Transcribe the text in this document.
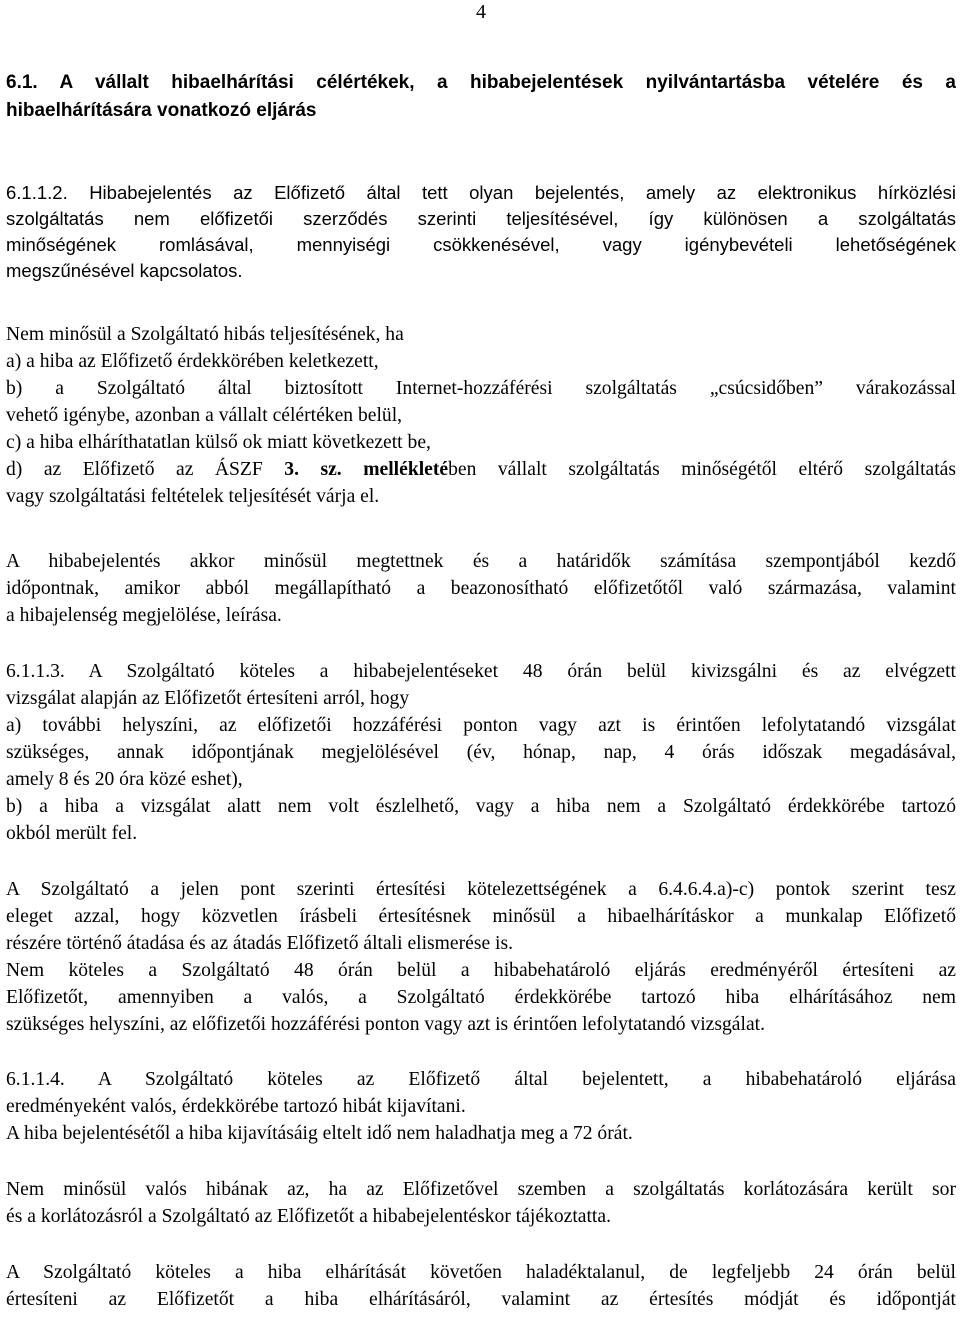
4
6.1. A vállalt hibaelhárítási célértékek, a hibabejelentések nyilvántartásba vételére és a
hibaelhárítására vonatkozó eljárás
6.1.1.2. Hibabejelentés az Előfizető által tett olyan bejelentés, amely az elektronikus hírközlési
szolgáltatás nem előfizetői szerződés szerinti teljesítésével, így különösen a szolgáltatás
minőségének romlásával, mennyiségi csökkenésével, vagy igénybevételi lehetőségének
megszűnésével kapcsolatos.
Nem minősül a Szolgáltató hibás teljesítésének, ha
a) a hiba az Előfizető érdekkörében keletkezett,
b) a Szolgáltató által biztosított Internet-hozzáférési szolgáltatás „csúcsidőben” várakozással
vehető igénybe, azonban a vállalt célértéken belül,
c) a hiba elháríthatatlan külső ok miatt következett be,
d) az Előfizető az ÁSZF 3. sz. mellékletében vállalt szolgáltatás minőségétől eltérő szolgáltatás
vagy szolgáltatási feltételek teljesítését várja el.
A hibabejelentés akkor minősül megtettnek és a határidők számítása szempontjából kezdő
időpontnak, amikor abból megállapítható a beazonosítható előfizetőtől való származása, valamint
a hibajelenség megjelölése, leírása.
6.1.1.3. A Szolgáltató köteles a hibabejelentéseket 48 órán belül kivizsgálni és az elvégzett
vizsgálat alapján az Előfizetőt értesíteni arról, hogy
a) további helyszíni, az előfizetői hozzáférési ponton vagy azt is érintően lefolytatandó vizsgálat
szükséges, annak időpontjának megjelölésével (év, hónap, nap, 4 órás időszak megadásával,
amely 8 és 20 óra közé eshet),
b) a hiba a vizsgálat alatt nem volt észlelhető, vagy a hiba nem a Szolgáltató érdekkörébe tartozó
okból merült fel.
A Szolgáltató a jelen pont szerinti értesítési kötelezettségének a 6.4.6.4.a)-c) pontok szerint tesz
eleget azzal, hogy közvetlen írásbeli értesítésnek minősül a hibaelhárításkor a munkalap Előfizető
részére történő átadása és az átadás Előfizető általi elismerése is.
Nem köteles a Szolgáltató 48 órán belül a hibabehatároló eljárás eredményéről értesíteni az
Előfizetőt, amennyiben a valós, a Szolgáltató érdekkörébe tartozó hiba elhárításához nem
szükséges helyszíni, az előfizetői hozzáférési ponton vagy azt is érintően lefolytatandó vizsgálat.
6.1.1.4. A Szolgáltató köteles az Előfizető által bejelentett, a hibabehatároló eljárása
eredményeként valós, érdekkörébe tartozó hibát kijavítani.
A hiba bejelentésétől a hiba kijavításáig eltelt idő nem haladhatja meg a 72 órát.
Nem minősül valós hibának az, ha az Előfizetővel szemben a szolgáltatás korlátozására került sor
és a korlátozásról a Szolgáltató az Előfizetőt a hibabejelentéskor tájékoztatta.
A Szolgáltató köteles a hiba elhárítását követően haladéktalanul, de legfeljebb 24 órán belül
értesíteni az Előfizetőt a hiba elhárításáról, valamint az értesítés módját és időpontját
